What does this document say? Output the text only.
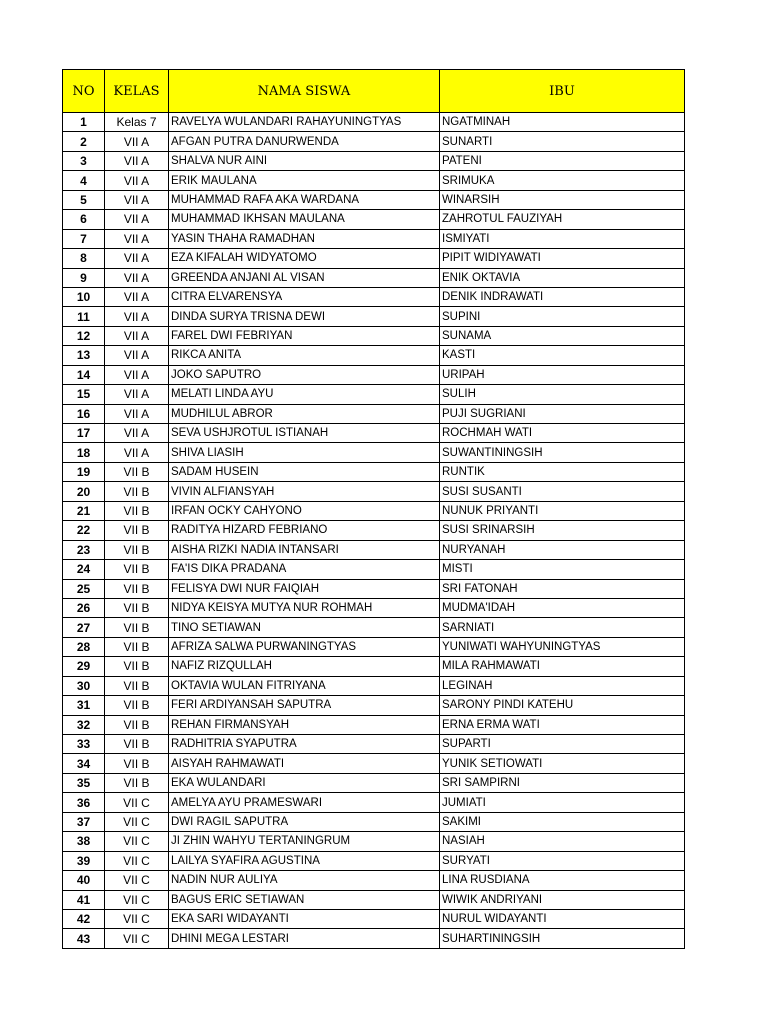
NO	KELAS	NAMA SISWA	IBU
1	Kelas 7	RAVELYA WULANDARI RAHAYUNINGTYAS	NGATMINAH
2	VII A	AFGAN PUTRA DANURWENDA	SUNARTI
3	VII A	SHALVA NUR AINI	PATENI
4	VII A	ERIK MAULANA	SRIMUKA
5	VII A	MUHAMMAD RAFA AKA WARDANA	WINARSIH
6	VII A	MUHAMMAD IKHSAN MAULANA	ZAHROTUL FAUZIYAH
7	VII A	YASIN THAHA RAMADHAN	ISMIYATI
8	VII A	EZA KIFALAH WIDYATOMO	PIPIT WIDIYAWATI
9	VII A	GREENDA ANJANI AL VISAN	ENIK OKTAVIA
10	VII A	CITRA ELVARENSYA	DENIK INDRAWATI
11	VII A	DINDA SURYA TRISNA DEWI	SUPINI
12	VII A	FAREL DWI FEBRIYAN	SUNAMA
13	VII A	RIKCA ANITA	KASTI
14	VII A	JOKO SAPUTRO	URIPAH
15	VII A	MELATI LINDA AYU	SULIH
16	VII A	MUDHILUL ABROR	PUJI SUGRIANI
17	VII A	SEVA USHJROTUL ISTIANAH	ROCHMAH WATI
18	VII A	SHIVA LIASIH	SUWANTININGSIH
19	VII B	SADAM HUSEIN	RUNTIK
20	VII B	VIVIN ALFIANSYAH	SUSI SUSANTI
21	VII B	IRFAN OCKY CAHYONO	NUNUK PRIYANTI
22	VII B	RADITYA HIZARD FEBRIANO	SUSI SRINARSIH
23	VII B	AISHA RIZKI NADIA INTANSARI	NURYANAH
24	VII B	FA'IS DIKA PRADANA	MISTI
25	VII B	FELISYA DWI NUR FAIQIAH	SRI FATONAH
26	VII B	NIDYA KEISYA MUTYA NUR ROHMAH	MUDMA'IDAH
27	VII B	TINO SETIAWAN	SARNIATI
28	VII B	AFRIZA SALWA PURWANINGTYAS	YUNIWATI WAHYUNINGTYAS
29	VII B	NAFIZ RIZQULLAH	MILA RAHMAWATI
30	VII B	OKTAVIA WULAN FITRIYANA	LEGINAH
31	VII B	FERI ARDIYANSAH SAPUTRA	SARONY PINDI KATEHU
32	VII B	REHAN FIRMANSYAH	ERNA ERMA WATI
33	VII B	RADHITRIA SYAPUTRA	SUPARTI
34	VII B	AISYAH RAHMAWATI	YUNIK SETIOWATI
35	VII B	EKA WULANDARI	SRI SAMPIRNI
36	VII C	AMELYA AYU PRAMESWARI	JUMIATI
37	VII C	DWI RAGIL SAPUTRA	SAKIMI
38	VII C	JI ZHIN WAHYU TERTANINGRUM	NASIAH
39	VII C	LAILYA SYAFIRA AGUSTINA	SURYATI
40	VII C	NADIN NUR AULIYA	LINA RUSDIANA
41	VII C	BAGUS ERIC SETIAWAN	WIWIK ANDRIYANI
42	VII C	EKA SARI WIDAYANTI	NURUL WIDAYANTI
43	VII C	DHINI MEGA LESTARI	SUHARTININGSIH
